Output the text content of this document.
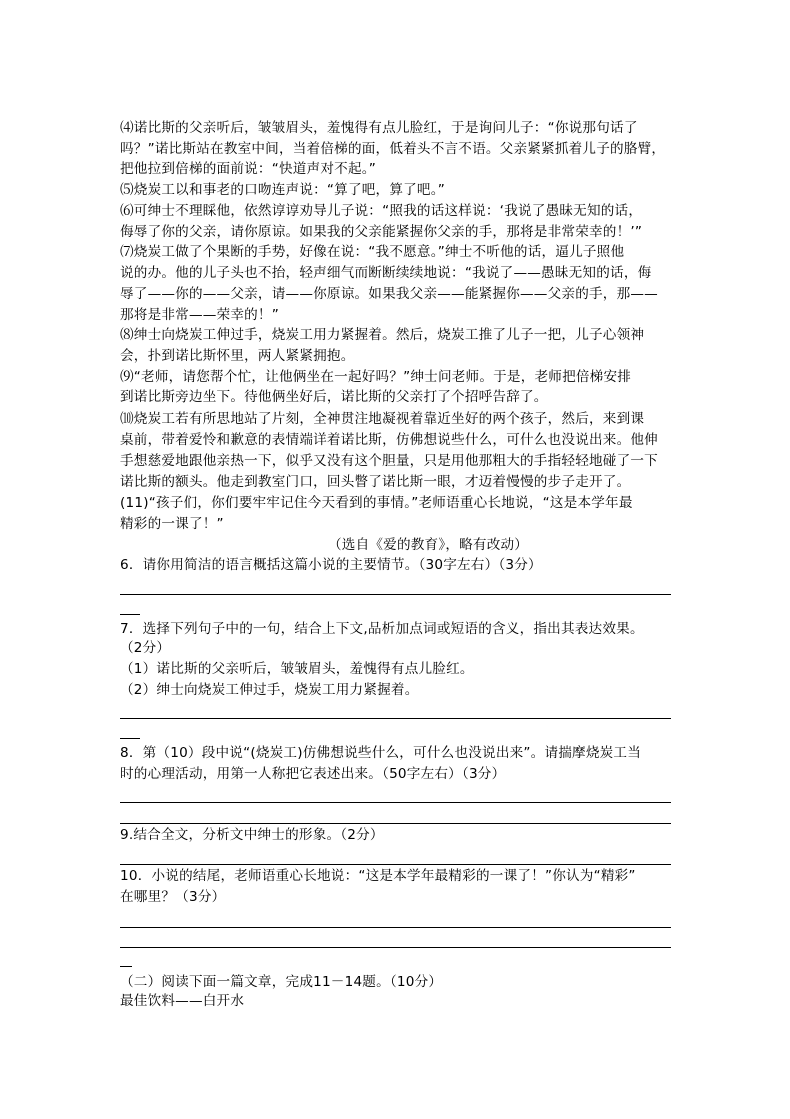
⑷诺比斯的父亲听后，皱皱眉头，羞愧得有点儿脸红，于是询问儿子：“你说那句话了
吗？”诺比斯站在教室中间，当着倍梯的面，低着头不言不语。父亲紧紧抓着儿子的胳臂，
把他拉到倍梯的面前说：“快道声对不起。”
⑸烧炭工以和事老的口吻连声说：“算了吧，算了吧。”
⑹可绅士不理睬他，依然谆谆劝导儿子说：“照我的话这样说：‘我说了愚昧无知的话，
侮辱了你的父亲，请你原谅。如果我的父亲能紧握你父亲的手，那将是非常荣幸的！’”
⑺烧炭工做了个果断的手势，好像在说：“我不愿意。”绅士不听他的话，逼儿子照他
说的办。他的儿子头也不抬，轻声细气而断断续续地说：“我说了——愚昧无知的话，侮
辱了——你的——父亲，请——你原谅。如果我父亲——能紧握你——父亲的手，那——
那将是非常——荣幸的！”
⑻绅士向烧炭工伸过手，烧炭工用力紧握着。然后，烧炭工推了儿子一把，儿子心领神
会，扑到诺比斯怀里，两人紧紧拥抱。
⑼“老师，请您帮个忙，让他俩坐在一起好吗？”绅士问老师。于是，老师把倍梯安排
到诺比斯旁边坐下。待他俩坐好后，诺比斯的父亲打了个招呼告辞了。
⑽烧炭工若有所思地站了片刻，全神贯注地凝视着靠近坐好的两个孩子，然后，来到课
桌前，带着爱怜和歉意的表情端详着诺比斯，仿佛想说些什么，可什么也没说出来。他伸
手想慈爱地跟他亲热一下，似乎又没有这个胆量，只是用他那粗大的手指轻轻地碰了一下
诺比斯的额头。他走到教室门口，回头瞥了诺比斯一眼，才迈着慢慢的步子走开了。
(11)“孩子们，你们要牢牢记住今天看到的事情。”老师语重心长地说，“这是本学年最
精彩的一课了！”
（选自《爱的教育》，略有改动）
6．请你用简洁的语言概括这篇小说的主要情节。（30字左右）（3分）
7．选择下列句子中的一句，结合上下文,品析加点词或短语的含义，指出其表达效果。
（2分）
（1）诺比斯的父亲听后，皱皱眉头，羞愧得有点儿脸红。
（2）绅士向烧炭工伸过手，烧炭工用力紧握着。
8．第（10）段中说“(烧炭工)仿佛想说些什么，可什么也没说出来”。请揣摩烧炭工当
时的心理活动，用第一人称把它表述出来。（50字左右）（3分）
9.结合全文，分析文中绅士的形象。（2分）
10．小说的结尾，老师语重心长地说：“这是本学年最精彩的一课了！”你认为“精彩”
在哪里？（3分）
（二）阅读下面一篇文章，完成11－14题。（10分）
最佳饮料——白开水
